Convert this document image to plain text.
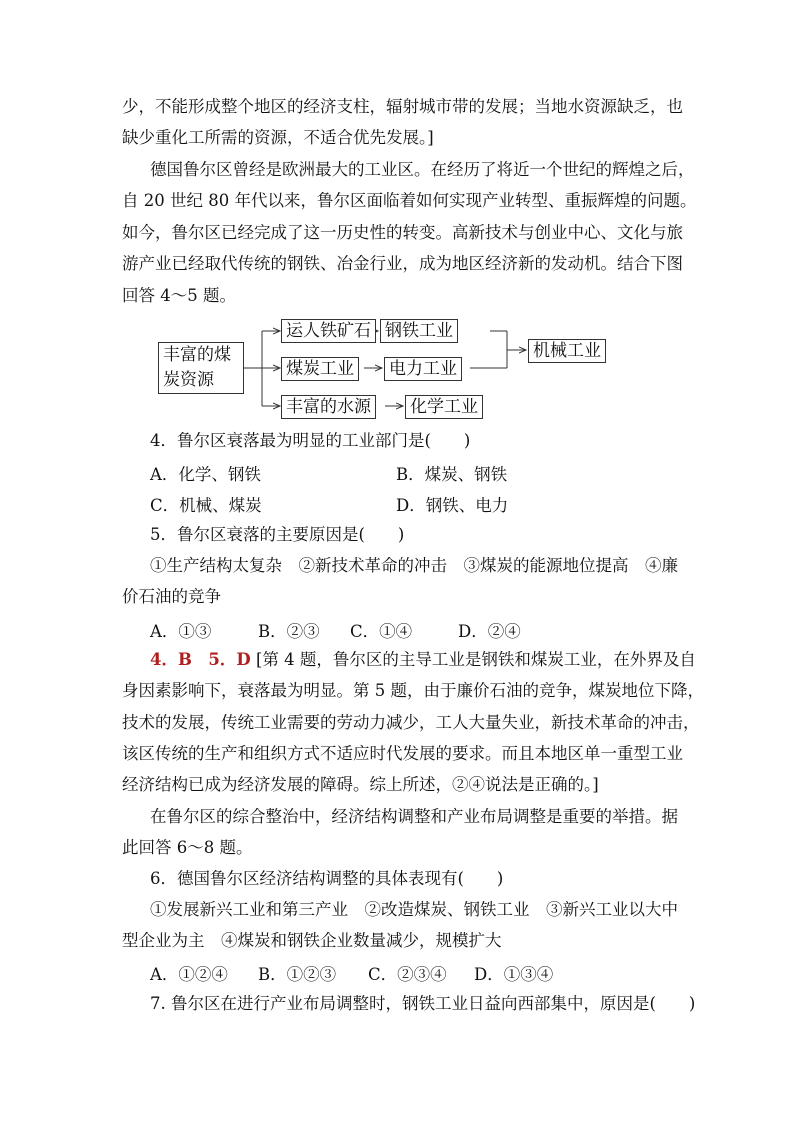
少，不能形成整个地区的经济支柱，辐射城市带的发展；当地水资源缺乏，也
缺少重化工所需的资源，不适合优先发展。]
德国鲁尔区曾经是欧洲最大的工业区。在经历了将近一个世纪的辉煌之后，
自 20 世纪 80 年代以来，鲁尔区面临着如何实现产业转型、重振辉煌的问题。
如今，鲁尔区已经完成了这一历史性的转变。高新技术与创业中心、文化与旅
游产业已经取代传统的钢铁、冶金行业，成为地区经济新的发动机。结合下图
回答 4～5 题。
丰富的煤
炭资源
运人铁矿石 钢铁工业
煤炭工业 电力工业
丰富的水源 化学工业
机械工业
4．鲁尔区衰落最为明显的工业部门是(　　)
A．化学、钢铁	B．煤炭、钢铁
C．机械、煤炭	D．钢铁、电力
5．鲁尔区衰落的主要原因是(　　)
①生产结构太复杂　②新技术革命的冲击　③煤炭的能源地位提高　④廉
价石油的竞争
A．①③	B．②③ C．①④	D．②④
4．B　5．D [第 4 题，鲁尔区的主导工业是钢铁和煤炭工业，在外界及自
身因素影响下，衰落最为明显。第 5 题，由于廉价石油的竞争，煤炭地位下降，
技术的发展，传统工业需要的劳动力减少，工人大量失业，新技术革命的冲击，
该区传统的生产和组织方式不适应时代发展的要求。而且本地区单一重型工业
经济结构已成为经济发展的障碍。综上所述，②④说法是正确的。]
在鲁尔区的综合整治中，经济结构调整和产业布局调整是重要的举措。据
此回答 6～8 题。
6．德国鲁尔区经济结构调整的具体表现有(　　)
①发展新兴工业和第三产业　②改造煤炭、钢铁工业　③新兴工业以大中
型企业为主　④煤炭和钢铁企业数量减少，规模扩大
A．①②④ B．①②③ C．②③④ D．①③④
7. 鲁尔区在进行产业布局调整时，钢铁工业日益向西部集中，原因是(　　)
